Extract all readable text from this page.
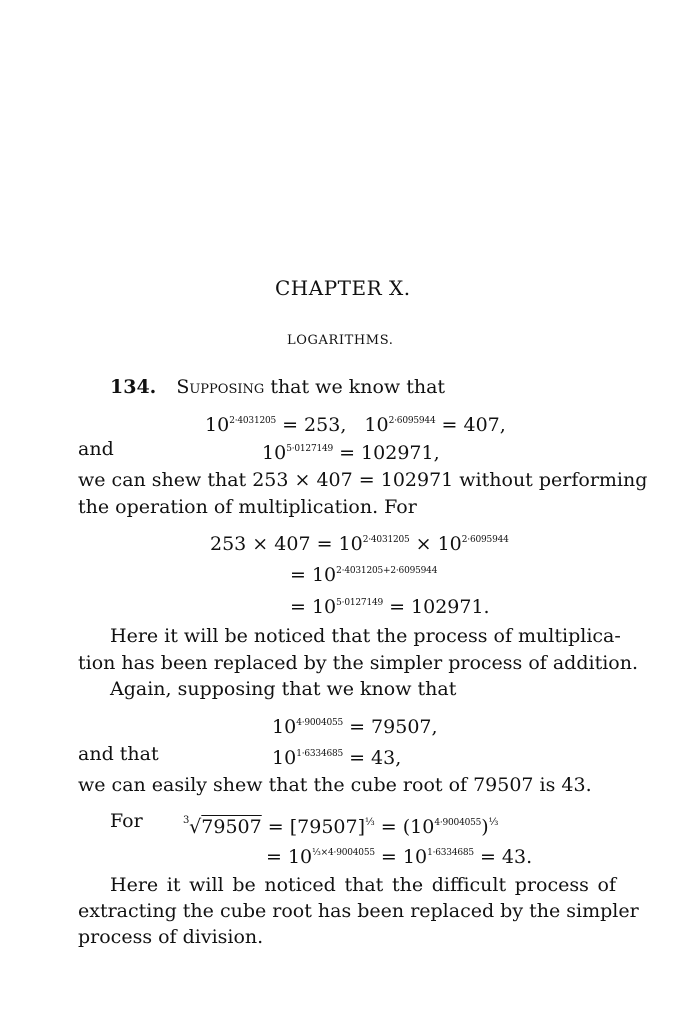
CHAPTER X.
LOGARITHMS.
134. Supposing that we know that
$10^{2\cdot 4031205} = 253$, $10^{2\cdot 6095944} = 407$,
and	$10^{5\cdot 0127149} = 102971$,
we can shew that 253 × 407 = 102971 without performing
the operation of multiplication. For
$253 \times 407 = 10^{2\cdot 4031205} \times 10^{2\cdot 6095944}$
= $10^{2\cdot 4031205+2\cdot 6095944}$
= $10^{5\cdot 0127149} = 102971$.
Here it will be noticed that the process of multiplica-
tion has been replaced by the simpler process of addition.
Again, supposing that we know that
$10^{4\cdot 9004055} = 79507$,
and that	$10^{1\cdot 6334685} = 43$,
we can easily shew that the cube root of 79507 is 43.
For	$^3√79507 = [79507]^{\frac{1}{3}} = (10^{4\cdot 9004055})^{\frac{1}{3}}$
= $10^{\frac{1}{3}\times 4\cdot 9004055} = 10^{1\cdot 6334685} = 43$.
Here it will be noticed that the difficult process of
extracting the cube root has been replaced by the simpler
process of division.
